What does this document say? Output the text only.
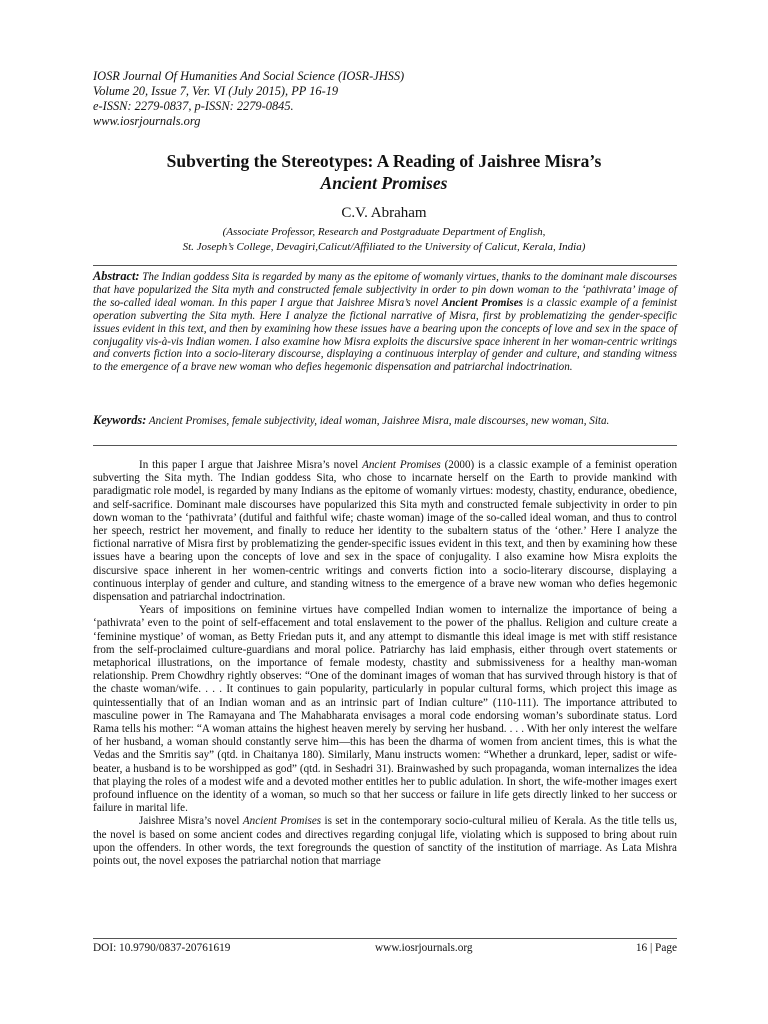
IOSR Journal Of Humanities And Social Science (IOSR-JHSS)
Volume 20, Issue 7, Ver. VI (July 2015), PP 16-19
e-ISSN: 2279-0837, p-ISSN: 2279-0845.
www.iosrjournals.org
Subverting the Stereotypes: A Reading of Jaishree Misra’s
Ancient Promises
C.V. Abraham
(Associate Professor, Research and Postgraduate Department of English,
St. Joseph’s College, Devagiri,Calicut/Affiliated to the University of Calicut, Kerala, India)
Abstract: The Indian goddess Sita is regarded by many as the epitome of womanly virtues, thanks to the dominant male discourses that have popularized the Sita myth and constructed female subjectivity in order to pin down woman to the ‘pathivrata’ image of the so-called ideal woman. In this paper I argue that Jaishree Misra’s novel Ancient Promises is a classic example of a feminist operation subverting the Sita myth. Here I analyze the fictional narrative of Misra, first by problematizing the gender-specific issues evident in this text, and then by examining how these issues have a bearing upon the concepts of love and sex in the space of conjugality vis-à-vis Indian women. I also examine how Misra exploits the discursive space inherent in her woman-centric writings and converts fiction into a socio-literary discourse, displaying a continuous interplay of gender and culture, and standing witness to the emergence of a brave new woman who defies hegemonic dispensation and patriarchal indoctrination.
Keywords: Ancient Promises, female subjectivity, ideal woman, Jaishree Misra, male discourses, new woman, Sita.

In this paper I argue that Jaishree Misra’s novel Ancient Promises (2000) is a classic example of a feminist operation subverting the Sita myth. The Indian goddess Sita, who chose to incarnate herself on the Earth to provide mankind with paradigmatic role model, is regarded by many Indians as the epitome of womanly virtues: modesty, chastity, endurance, obedience, and self-sacrifice. Dominant male discourses have popularized this Sita myth and constructed female subjectivity in order to pin down woman to the ‘pathivrata’ (dutiful and faithful wife; chaste woman) image of the so-called ideal woman, and thus to control her speech, restrict her movement, and finally to reduce her identity to the subaltern status of the ‘other.’ Here I analyze the fictional narrative of Misra first by problematizing the gender-specific issues evident in this text, and then by examining how these issues have a bearing upon the concepts of love and sex in the space of conjugality. I also examine how Misra exploits the discursive space inherent in her women-centric writings and converts fiction into a socio-literary discourse, displaying a continuous interplay of gender and culture, and standing witness to the emergence of a brave new woman who defies hegemonic dispensation and patriarchal indoctrination.

Years of impositions on feminine virtues have compelled Indian women to internalize the importance of being a ‘pathivrata’ even to the point of self-effacement and total enslavement to the power of the phallus. Religion and culture create a ‘feminine mystique’ of woman, as Betty Friedan puts it, and any attempt to dismantle this ideal image is met with stiff resistance from the self-proclaimed culture-guardians and moral police. Patriarchy has laid emphasis, either through overt statements or metaphorical illustrations, on the importance of female modesty, chastity and submissiveness for a healthy man-woman relationship. Prem Chowdhry rightly observes: “One of the dominant images of woman that has survived through history is that of the chaste woman/wife. . . . It continues to gain popularity, particularly in popular cultural forms, which project this image as quintessentially that of an Indian woman and as an intrinsic part of Indian culture” (110-111). The importance attributed to masculine power in The Ramayana and The Mahabharata envisages a moral code endorsing woman’s subordinate status. Lord Rama tells his mother: “A woman attains the highest heaven merely by serving her husband. . . . With her only interest the welfare of her husband, a woman should constantly serve him—this has been the dharma of women from ancient times, this is what the Vedas and the Smritis say” (qtd. in Chaitanya 180). Similarly, Manu instructs women: “Whether a drunkard, leper, sadist or wife-beater, a husband is to be worshipped as god” (qtd. in Seshadri 31). Brainwashed by such propaganda, woman internalizes the idea that playing the roles of a modest wife and a devoted mother entitles her to public adulation. In short, the wife-mother images exert profound influence on the identity of a woman, so much so that her success or failure in life gets directly linked to her success or failure in marital life.

Jaishree Misra’s novel Ancient Promises is set in the contemporary socio-cultural milieu of Kerala. As the title tells us, the novel is based on some ancient codes and directives regarding conjugal life, violating which is supposed to bring about ruin upon the offenders. In other words, the text foregrounds the question of sanctity of the institution of marriage. As Lata Mishra points out, the novel exposes the patriarchal notion that marriage

DOI: 10.9790/0837-20761619	www.iosrjournals.org	16 | Page
